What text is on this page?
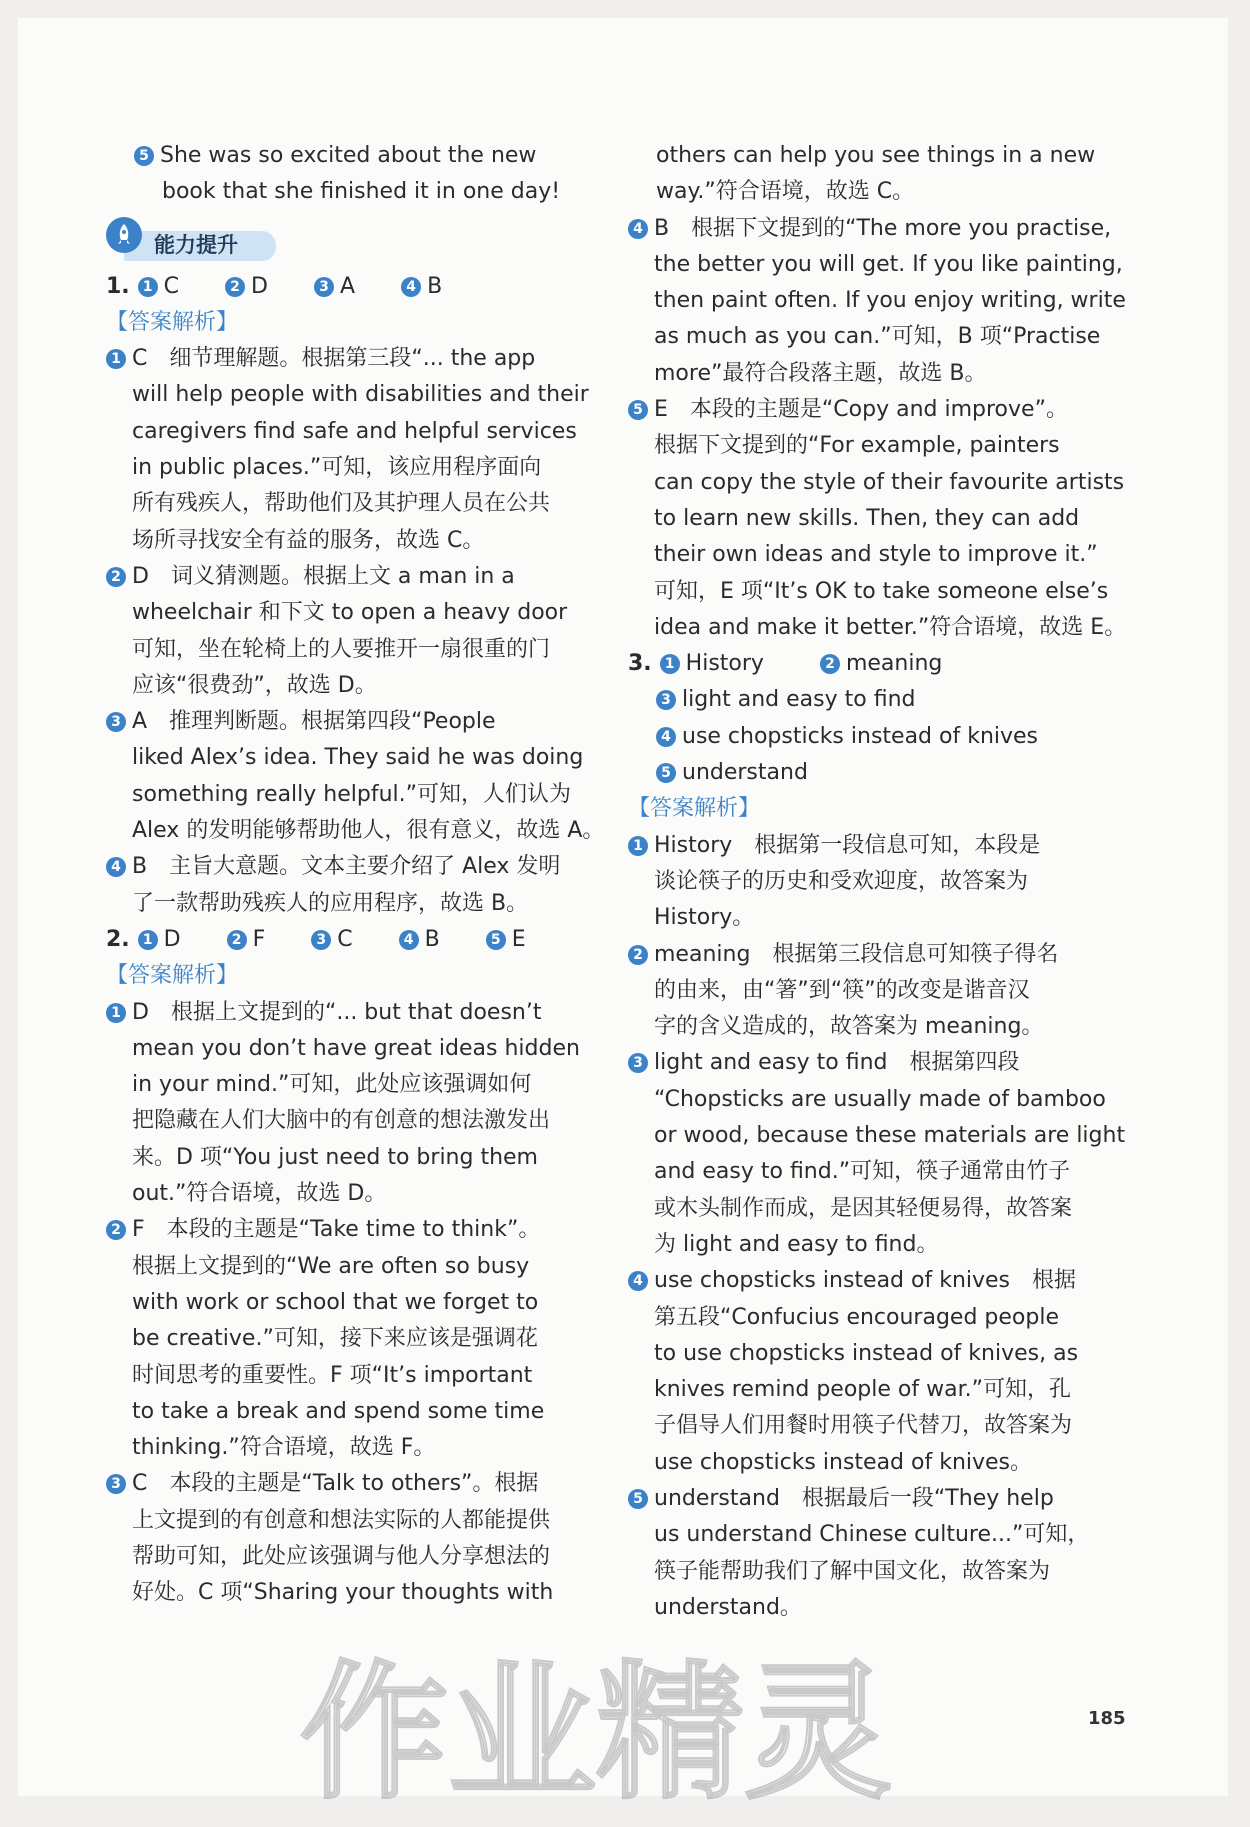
5 She was so excited about the new
book that she finished it in one day!
能力提升
1. 1 C	2 D	3 A	4 B
【答案解析】
1 C　细节理解题。根据第三段“... the app
will help people with disabilities and their
caregivers find safe and helpful services
in public places.”可知，该应用程序面向
所有残疾人，帮助他们及其护理人员在公共
场所寻找安全有益的服务，故选 C。
2 D　词义猜测题。根据上文 a man in a
wheelchair 和下文 to open a heavy door
可知，坐在轮椅上的人要推开一扇很重的门
应该“很费劲”，故选 D。
3 A　推理判断题。根据第四段“People
liked Alex’s idea. They said he was doing
something really helpful.”可知，人们认为
Alex 的发明能够帮助他人，很有意义，故选 A。
4 B　主旨大意题。文本主要介绍了 Alex 发明
了一款帮助残疾人的应用程序，故选 B。
2. 1 D	2 F	3 C	4 B	5 E
【答案解析】
1 D　根据上文提到的“... but that doesn’t
mean you don’t have great ideas hidden
in your mind.”可知，此处应该强调如何
把隐藏在人们大脑中的有创意的想法激发出
来。D 项“You just need to bring them
out.”符合语境，故选 D。
2 F　本段的主题是“Take time to think”。
根据上文提到的“We are often so busy
with work or school that we forget to
be creative.”可知，接下来应该是强调花
时间思考的重要性。F 项“It’s important
to take a break and spend some time
thinking.”符合语境，故选 F。
3 C　本段的主题是“Talk to others”。根据
上文提到的有创意和想法实际的人都能提供
帮助可知，此处应该强调与他人分享想法的
好处。C 项“Sharing your thoughts with
others can help you see things in a new
way.”符合语境，故选 C。
4 B　根据下文提到的“The more you practise,
the better you will get. If you like painting,
then paint often. If you enjoy writing, write
as much as you can.”可知，B 项“Practise
more”最符合段落主题，故选 B。
5 E　本段的主题是“Copy and improve”。
根据下文提到的“For example, painters
can copy the style of their favourite artists
to learn new skills. Then, they can add
their own ideas and style to improve it.”
可知，E 项“It’s OK to take someone else’s
idea and make it better.”符合语境，故选 E。
3. 1 History	2 meaning
3 light and easy to find
4 use chopsticks instead of knives
5 understand
【答案解析】
1 History　根据第一段信息可知，本段是
谈论筷子的历史和受欢迎度，故答案为
History。
2 meaning　根据第三段信息可知筷子得名
的由来，由“箸”到“筷”的改变是谐音汉
字的含义造成的，故答案为 meaning。
3 light and easy to find　根据第四段
“Chopsticks are usually made of bamboo
or wood, because these materials are light
and easy to find.”可知，筷子通常由竹子
或木头制作而成，是因其轻便易得，故答案
为 light and easy to find。
4 use chopsticks instead of knives　根据
第五段“Confucius encouraged people
to use chopsticks instead of knives, as
knives remind people of war.”可知，孔
子倡导人们用餐时用筷子代替刀，故答案为
use chopsticks instead of knives。
5 understand　根据最后一段“They help
us understand Chinese culture...”可知，
筷子能帮助我们了解中国文化，故答案为
understand。
185
